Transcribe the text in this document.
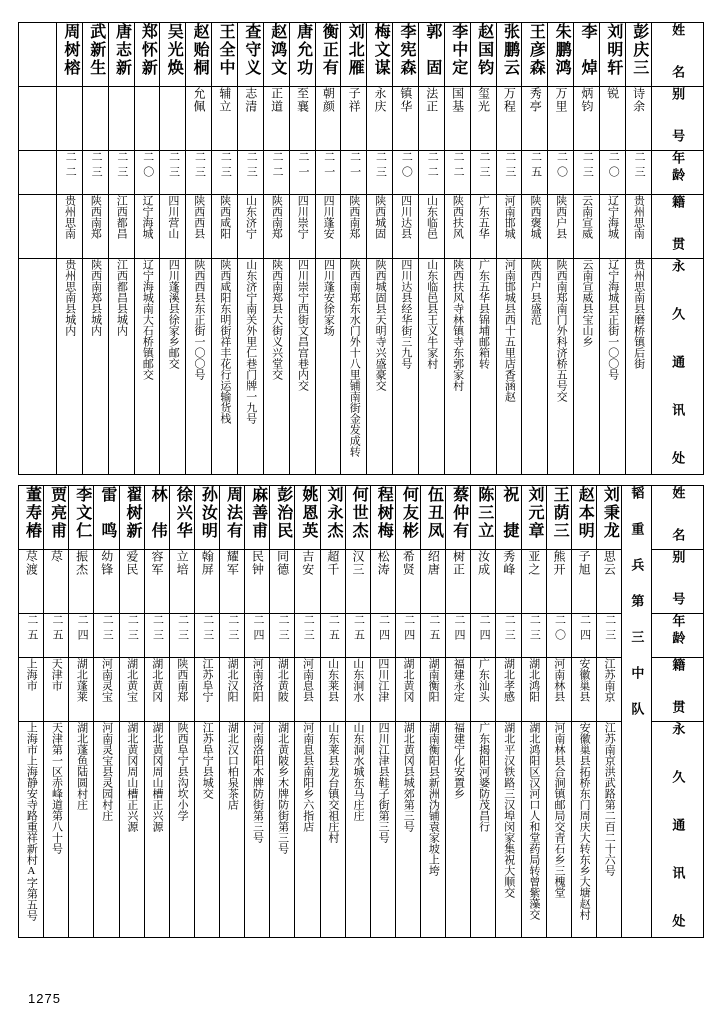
	周树榕	武新生	唐志新	郑怀新	吴光焕	赵贻桐	王全中	查守义	赵鸿文	唐允功	衡正有	刘北雁	梅文谋	李宪森	郭　固	李中定	赵国钧	张鹏云	王彦森	朱鹏鸿	李　焯	刘明轩	彭庆三	姓　名

						允佩	辅立	志清	正道	至襄	朝颜	子祥	永庆	镇华	法正	国基	玺光	万程	秀亭	万里	炳钧	锐	诗余	别　号

	二二	二三	二三	二〇	二三	二三	二三	二三	二二	二一	二一	二一	二三	二〇	二二	二二	二三	二三	二五	二〇	二三	二〇	二三	年龄

	贵州思南	陕西南郑	江西都昌	辽宁海城	四川营山	陕西西县	陕西咸阳	山东济宁	陕西南郑	四川崇宁	四川蓬安	陕西南郑	陕西城固	四川达县	山东临邑	陕西扶风	广东五华	河南邯城	陕西褒城	陕西户县	云南宣威	辽宁海城	贵州思南	籍　贯

	贵州思南县城内	陕西南郑县城内	江西都昌县城内	辽宁海城南大石桥镇邮交	四川蓬溪县徐家乡邮交	陕西西县东正街一〇〇号	陕西咸阳东明街祥丰花行运输货栈	山东济宁南关外里仁巷门牌一九号	陕西南郑县大街义兴堂交	四川崇宁西街文昌宫巷内交	四川蓬安徐家场	陕西南郑东水门外十八里铺南街金发成转	陕西城固县天明寺兴盛豪交	四川达县经华街三九号	山东临邑县王义牛家村	陕西扶风寺林镇寺东郭家村	广东五华县锦埔邮箱转	河南邯城县西十五里店香涵赵	陕西户县盛范	陕西南郑南门外科济桥五号交	云南宣威县宝山乡	辽宁海城县正街一〇〇号	贵州思南县磨桥镇后街	永 久 通 讯 处
董寿椿	贾亮甫	李文仁	雷　鸣	翟树新	林　伟	徐兴华	孙汝明	周法有	麻善甫	彭治民	姚恩英	刘永杰	何世杰	程树梅	何友彬	伍丑凤	蔡仲有	陈三立	祝　捷	刘元章	王荫三	赵本明	刘秉龙	韬 重 兵 第 三 中 队	姓　名

荩渡	荩	振杰	幼锋	爱民	容军	立培	翰屏	耀军	民钟	同德	吉安	超千	汉三	松涛	希贤	绍唐	树正	汝成	秀峰	亚之	熊开	子旭	思云		别　号

二五	二五	二四	二三	二三	二三	二三	二三	二三	二四	二三	二三	二五	二五	二四	二四	二五	二四	二四	二三	二三	二〇	二四	二三		年龄

上海市	天津市	湖北蓬莱	河南灵宝	湖北黄宝	湖北黄冈	陕西南郑	江苏阜宁	湖北汉阳	河南洛阳	湖北黄陂	河南息县	山东莱县	山东洞水	四川江津	湖北黄冈	湖南衡阳	福建永定	广东汕头	湖北孝感	湖北鸿阳	河南林县	安徽巢县	江苏南京		籍　贯

上海市上海静安寺路重祥新村A字第五号	天津第一区赤峰道第八十号	湖北蓬鱼陆圆村庄	河南灵宝县灵园村庄	湖北黄冈周山槽正兴源	湖北黄冈周山槽正兴源	陕西阜宁县沟坎小学	江苏阜宁县城交	湖北汉口柏泉茶店	河南洛阳木牌防街第三号	湖北黄陂乡木牌防街第三号	河南息县南阳乡六指店	山东莱县龙台镇交祖庄村	山东洞水城东马庄庄	四川江津县鞋子街第三号	湖北黄冈县城郊第三号	湖南衡阳县新洲沩铺袁家坡上垮	福建宁化安置乡	广东揭阳河婆防茂昌行	湖北平汉铁路三汉埠闵家集祝大顺交	湖北鸿阳区汉河口人和堂药局转曾紫藻交	河南林县合涧镇邮局交青石乡三槐堂	安徽巢县拓桥东门周庆大转东乡大塘赵村	江苏南京洪武路第二百二十六号		永 久 通 讯 处
1275
